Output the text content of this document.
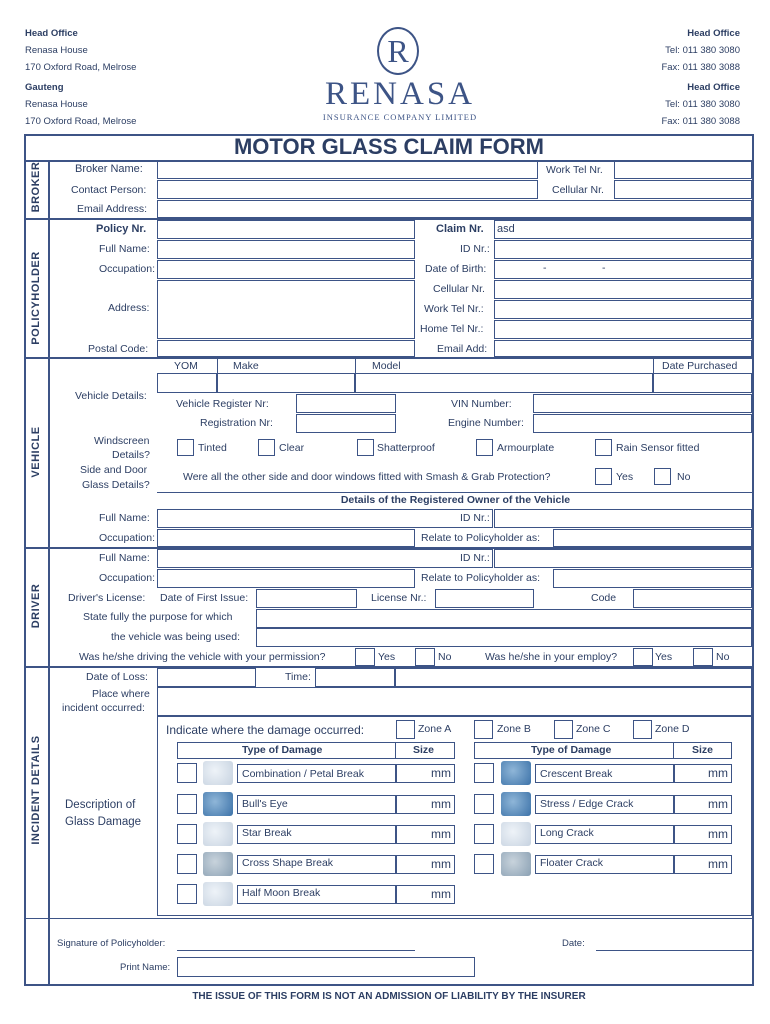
Head Office
Renasa House
170 Oxford Road, Melrose
Gauteng
Renasa House
170 Oxford Road, Melrose
Head Office
Tel: 011 380 3080
Fax: 011 380 3088
Head Office
Tel: 011 380 3080
Fax: 011 380 3088
R
RENASA
INSURANCE COMPANY LIMITED
MOTOR GLASS CLAIM FORM
BROKER
POLICYHOLDER
VEHICLE
DRIVER
INCIDENT DETAILS
Broker Name:	Work Tel Nr.
Contact Person:	Cellular Nr.
Email Address:
Policy Nr.	Claim Nr. asd
Full Name:	ID Nr.:
Occupation:	Date of Birth:	-	-
Address:
Cellular Nr.
Work Tel Nr.:
Home Tel Nr.:
Postal Code:	Email Add:
YOM	Make	Model	Date Purchased
Vehicle Details:
Vehicle Register Nr:	VIN Number:
Registration Nr:	Engine Number:
Windscreen
Details?
Tinted	Clear	Shatterproof	Armourplate	Rain Sensor fitted
Side and Door
Glass Details?
Were all the other side and door windows fitted with Smash & Grab Protection?	Yes	No
Details of the Registered Owner of the Vehicle
Full Name:	ID Nr.:
Occupation:	Relate to Policyholder as:
Full Name:	ID Nr.:
Occupation:	Relate to Policyholder as:
Driver's License: Date of First Issue:	License Nr.:	Code
State fully the purpose for which
the vehicle was being used:
Was he/she driving the vehicle with your permission?	Yes	No	Was he/she in your employ?	Yes	No
Date of Loss:	Time:
Place where
incident occurred:
Description of
Glass Damage
Indicate where the damage occurred:	Zone A	Zone B	Zone C	Zone D
Type of Damage	Size	Type of Damage	Size
Combination / Petal Break	mm
Bull's Eye	mm
Star Break	mm
Cross Shape Break	mm
Half Moon Break	mm
Crescent Break	mm
Stress / Edge Crack	mm
Long Crack	mm
Floater Crack	mm
Signature of Policyholder:	Date:
Print Name:
THE ISSUE OF THIS FORM IS NOT AN ADMISSION OF LIABILITY BY THE INSURER
